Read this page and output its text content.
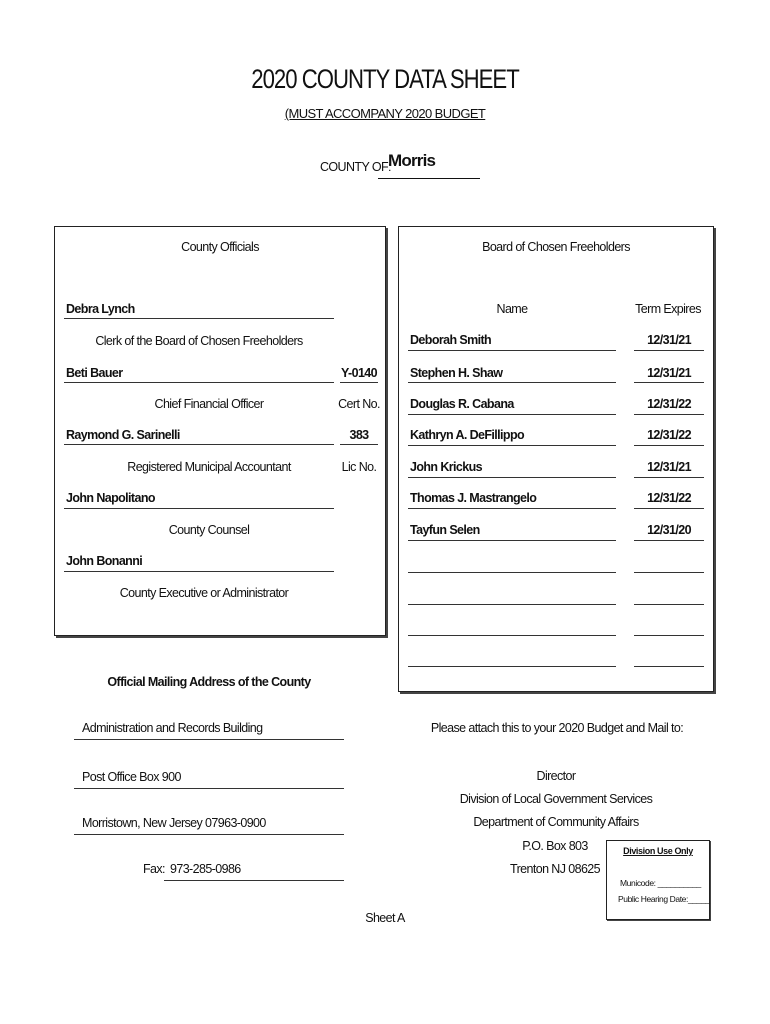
2020 COUNTY DATA SHEET
(MUST ACCOMPANY 2020 BUDGET
COUNTY OF:
Morris
County Officials
Debra Lynch
Clerk of the Board of Chosen Freeholders
Beti Bauer	Y-0140
Chief Financial Officer	Cert No.
Raymond G. Sarinelli	383
Registered Municipal Accountant	Lic No.
John Napolitano
County Counsel
John Bonanni
County Executive or Administrator
Board of Chosen Freeholders
Name	Term Expires
Deborah Smith	12/31/21
Stephen H. Shaw	12/31/21
Douglas R. Cabana	12/31/22
Kathryn A. DeFillippo	12/31/22
John Krickus	12/31/21
Thomas J. Mastrangelo	12/31/22
Tayfun Selen	12/31/20
Official Mailing Address of the County
Administration and Records Building
Post Office Box 900
Morristown, New Jersey 07963-0900
Fax: 973-285-0986
Please attach this to your 2020 Budget and Mail to:
Director
Division of Local Government Services
Department of Community Affairs
P.O. Box 803
Trenton NJ 08625
Division Use Only
Municode: __________
Public Hearing Date:_____
Sheet A
